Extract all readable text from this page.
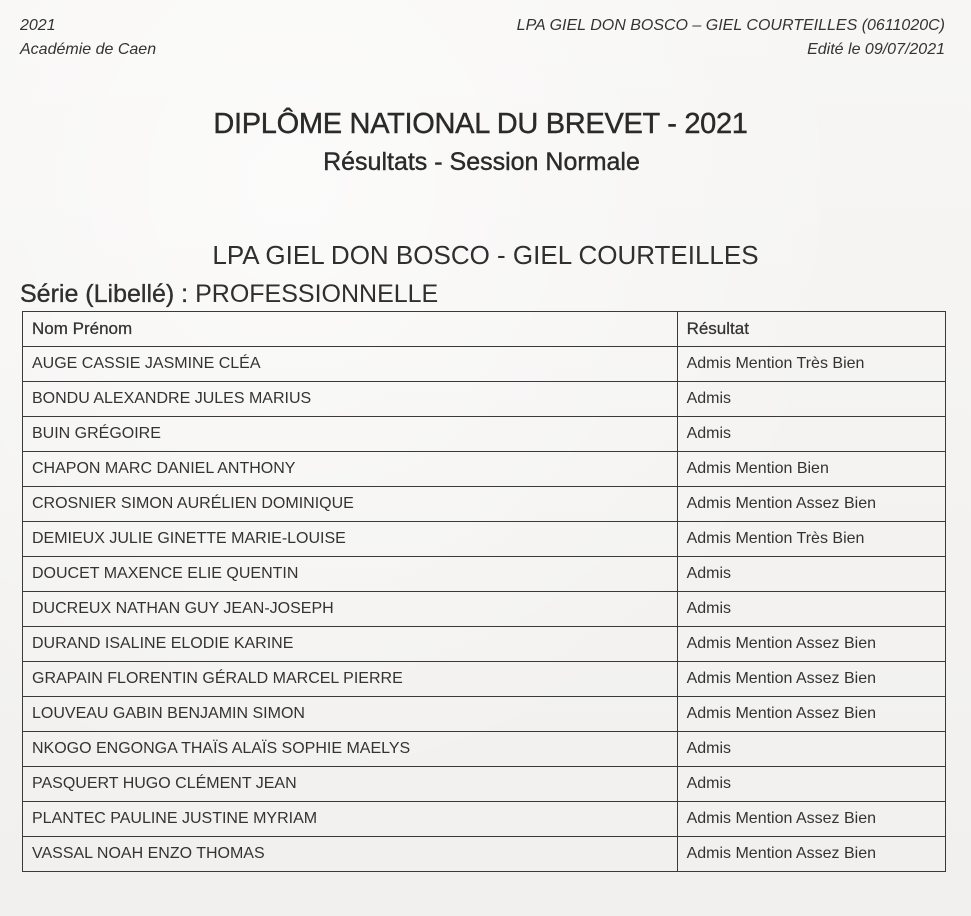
2021
Académie de Caen
LPA GIEL DON BOSCO – GIEL COURTEILLES (0611020C)
Edité le 09/07/2021
DIPLÔME NATIONAL DU BREVET - 2021
Résultats - Session Normale
LPA GIEL DON BOSCO - GIEL COURTEILLES
Série (Libellé) : PROFESSIONNELLE
Nom Prénom	Résultat
AUGE CASSIE JASMINE CLÉA	Admis Mention Très Bien
BONDU ALEXANDRE JULES MARIUS	Admis
BUIN GRÉGOIRE	Admis
CHAPON MARC DANIEL ANTHONY	Admis Mention Bien
CROSNIER SIMON AURÉLIEN DOMINIQUE	Admis Mention Assez Bien
DEMIEUX JULIE GINETTE MARIE-LOUISE	Admis Mention Très Bien
DOUCET MAXENCE ELIE QUENTIN	Admis
DUCREUX NATHAN GUY JEAN-JOSEPH	Admis
DURAND ISALINE ELODIE KARINE	Admis Mention Assez Bien
GRAPAIN FLORENTIN GÉRALD MARCEL PIERRE	Admis Mention Assez Bien
LOUVEAU GABIN BENJAMIN SIMON	Admis Mention Assez Bien
NKOGO ENGONGA THAÏS ALAÏS SOPHIE MAELYS	Admis
PASQUERT HUGO CLÉMENT JEAN	Admis
PLANTEC PAULINE JUSTINE MYRIAM	Admis Mention Assez Bien
VASSAL NOAH ENZO THOMAS	Admis Mention Assez Bien
